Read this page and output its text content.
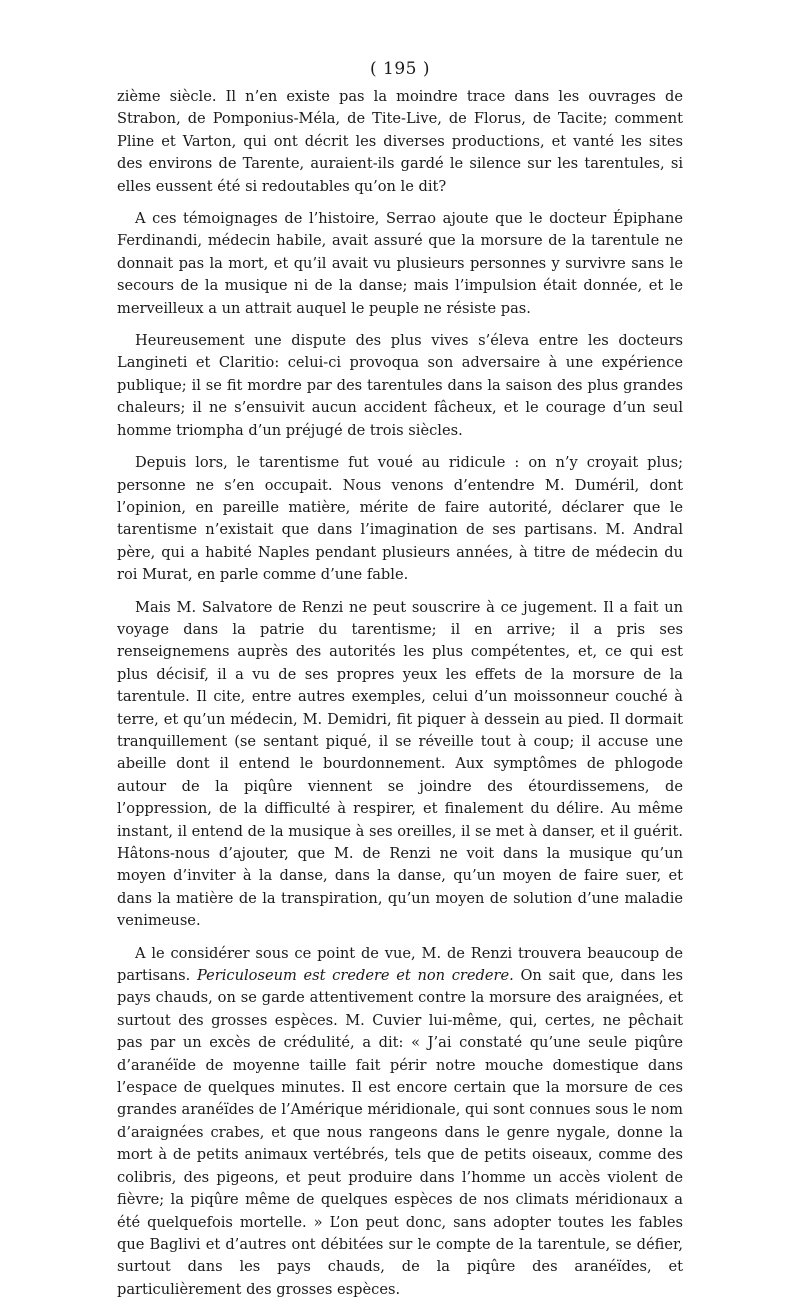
( 195 )

zième siècle. Il n’en existe pas la moindre trace dans les ouvrages de Strabon, de Pomponius-Méla, de Tite-Live, de Florus, de Tacite; comment Pline et Varton, qui ont décrit les diverses productions, et vanté les sites des environs de Tarente, auraient-ils gardé le silence sur les tarentules, si elles eussent été si redoutables qu’on le dit?

A ces témoignages de l’histoire, Serrao ajoute que le docteur Épiphane Ferdinandi, médecin habile, avait assuré que la morsure de la tarentule ne donnait pas la mort, et qu’il avait vu plusieurs personnes y survivre sans le secours de la musique ni de la danse; mais l’impulsion était donnée, et le merveilleux a un attrait auquel le peuple ne résiste pas.

Heureusement une dispute des plus vives s’éleva entre les docteurs Langineti et Claritio: celui-ci provoqua son adversaire à une expérience publique; il se fit mordre par des tarentules dans la saison des plus grandes chaleurs; il ne s’ensuivit aucun accident fâcheux, et le courage d’un seul homme triompha d’un préjugé de trois siècles.

Depuis lors, le tarentisme fut voué au ridicule : on n’y croyait plus; personne ne s’en occupait. Nous venons d’entendre M. Duméril, dont l’opinion, en pareille matière, mérite de faire autorité, déclarer que le tarentisme n’existait que dans l’imagination de ses partisans. M. Andral père, qui a habité Naples pendant plusieurs années, à titre de médecin du roi Murat, en parle comme d’une fable.

Mais M. Salvatore de Renzi ne peut souscrire à ce jugement. Il a fait un voyage dans la patrie du tarentisme; il en arrive; il a pris ses renseignemens auprès des autorités les plus compétentes, et, ce qui est plus décisif, il a vu de ses propres yeux les effets de la morsure de la tarentule. Il cite, entre autres exemples, celui d’un moissonneur couché à terre, et qu’un médecin, M. Demidri, fit piquer à dessein au pied. Il dormait tranquillement (se sentant piqué, il se réveille tout à coup; il accuse une abeille dont il entend le bourdonnement. Aux symptômes de phlogode autour de la piqûre viennent se joindre des étourdissemens, de l’oppression, de la difficulté à respirer, et finalement du délire. Au même instant, il entend de la musique à ses oreilles, il se met à danser, et il guérit. Hâtons-nous d’ajouter, que M. de Renzi ne voit dans la musique qu’un moyen d’inviter à la danse, dans la danse, qu’un moyen de faire suer, et dans la matière de la transpiration, qu’un moyen de solution d’une maladie venimeuse.

A le considérer sous ce point de vue, M. de Renzi trouvera beaucoup de partisans. Periculoseum est credere et non credere. On sait que, dans les pays chauds, on se garde attentivement contre la morsure des araignées, et surtout des grosses espèces. M. Cuvier lui-même, qui, certes, ne pêchait pas par un excès de crédulité, a dit: « J’ai constaté qu’une seule piqûre d’aranéïde de moyenne taille fait périr notre mouche domestique dans l’espace de quelques minutes. Il est encore certain que la morsure de ces grandes aranéïdes de l’Amérique méridionale, qui sont connues sous le nom d’araignées crabes, et que nous rangeons dans le genre nygale, donne la mort à de petits animaux vertébrés, tels que de petits oiseaux, comme des colibris, des pigeons, et peut produire dans l’homme un accès violent de fièvre; la piqûre même de quelques espèces de nos climats méridionaux a été quelquefois mortelle. » L’on peut donc, sans adopter toutes les fables que Baglivi et d’autres ont débitées sur le compte de la tarentule, se défier, surtout dans les pays chauds, de la piqûre des aranéïdes, et particulièrement des grosses espèces.
